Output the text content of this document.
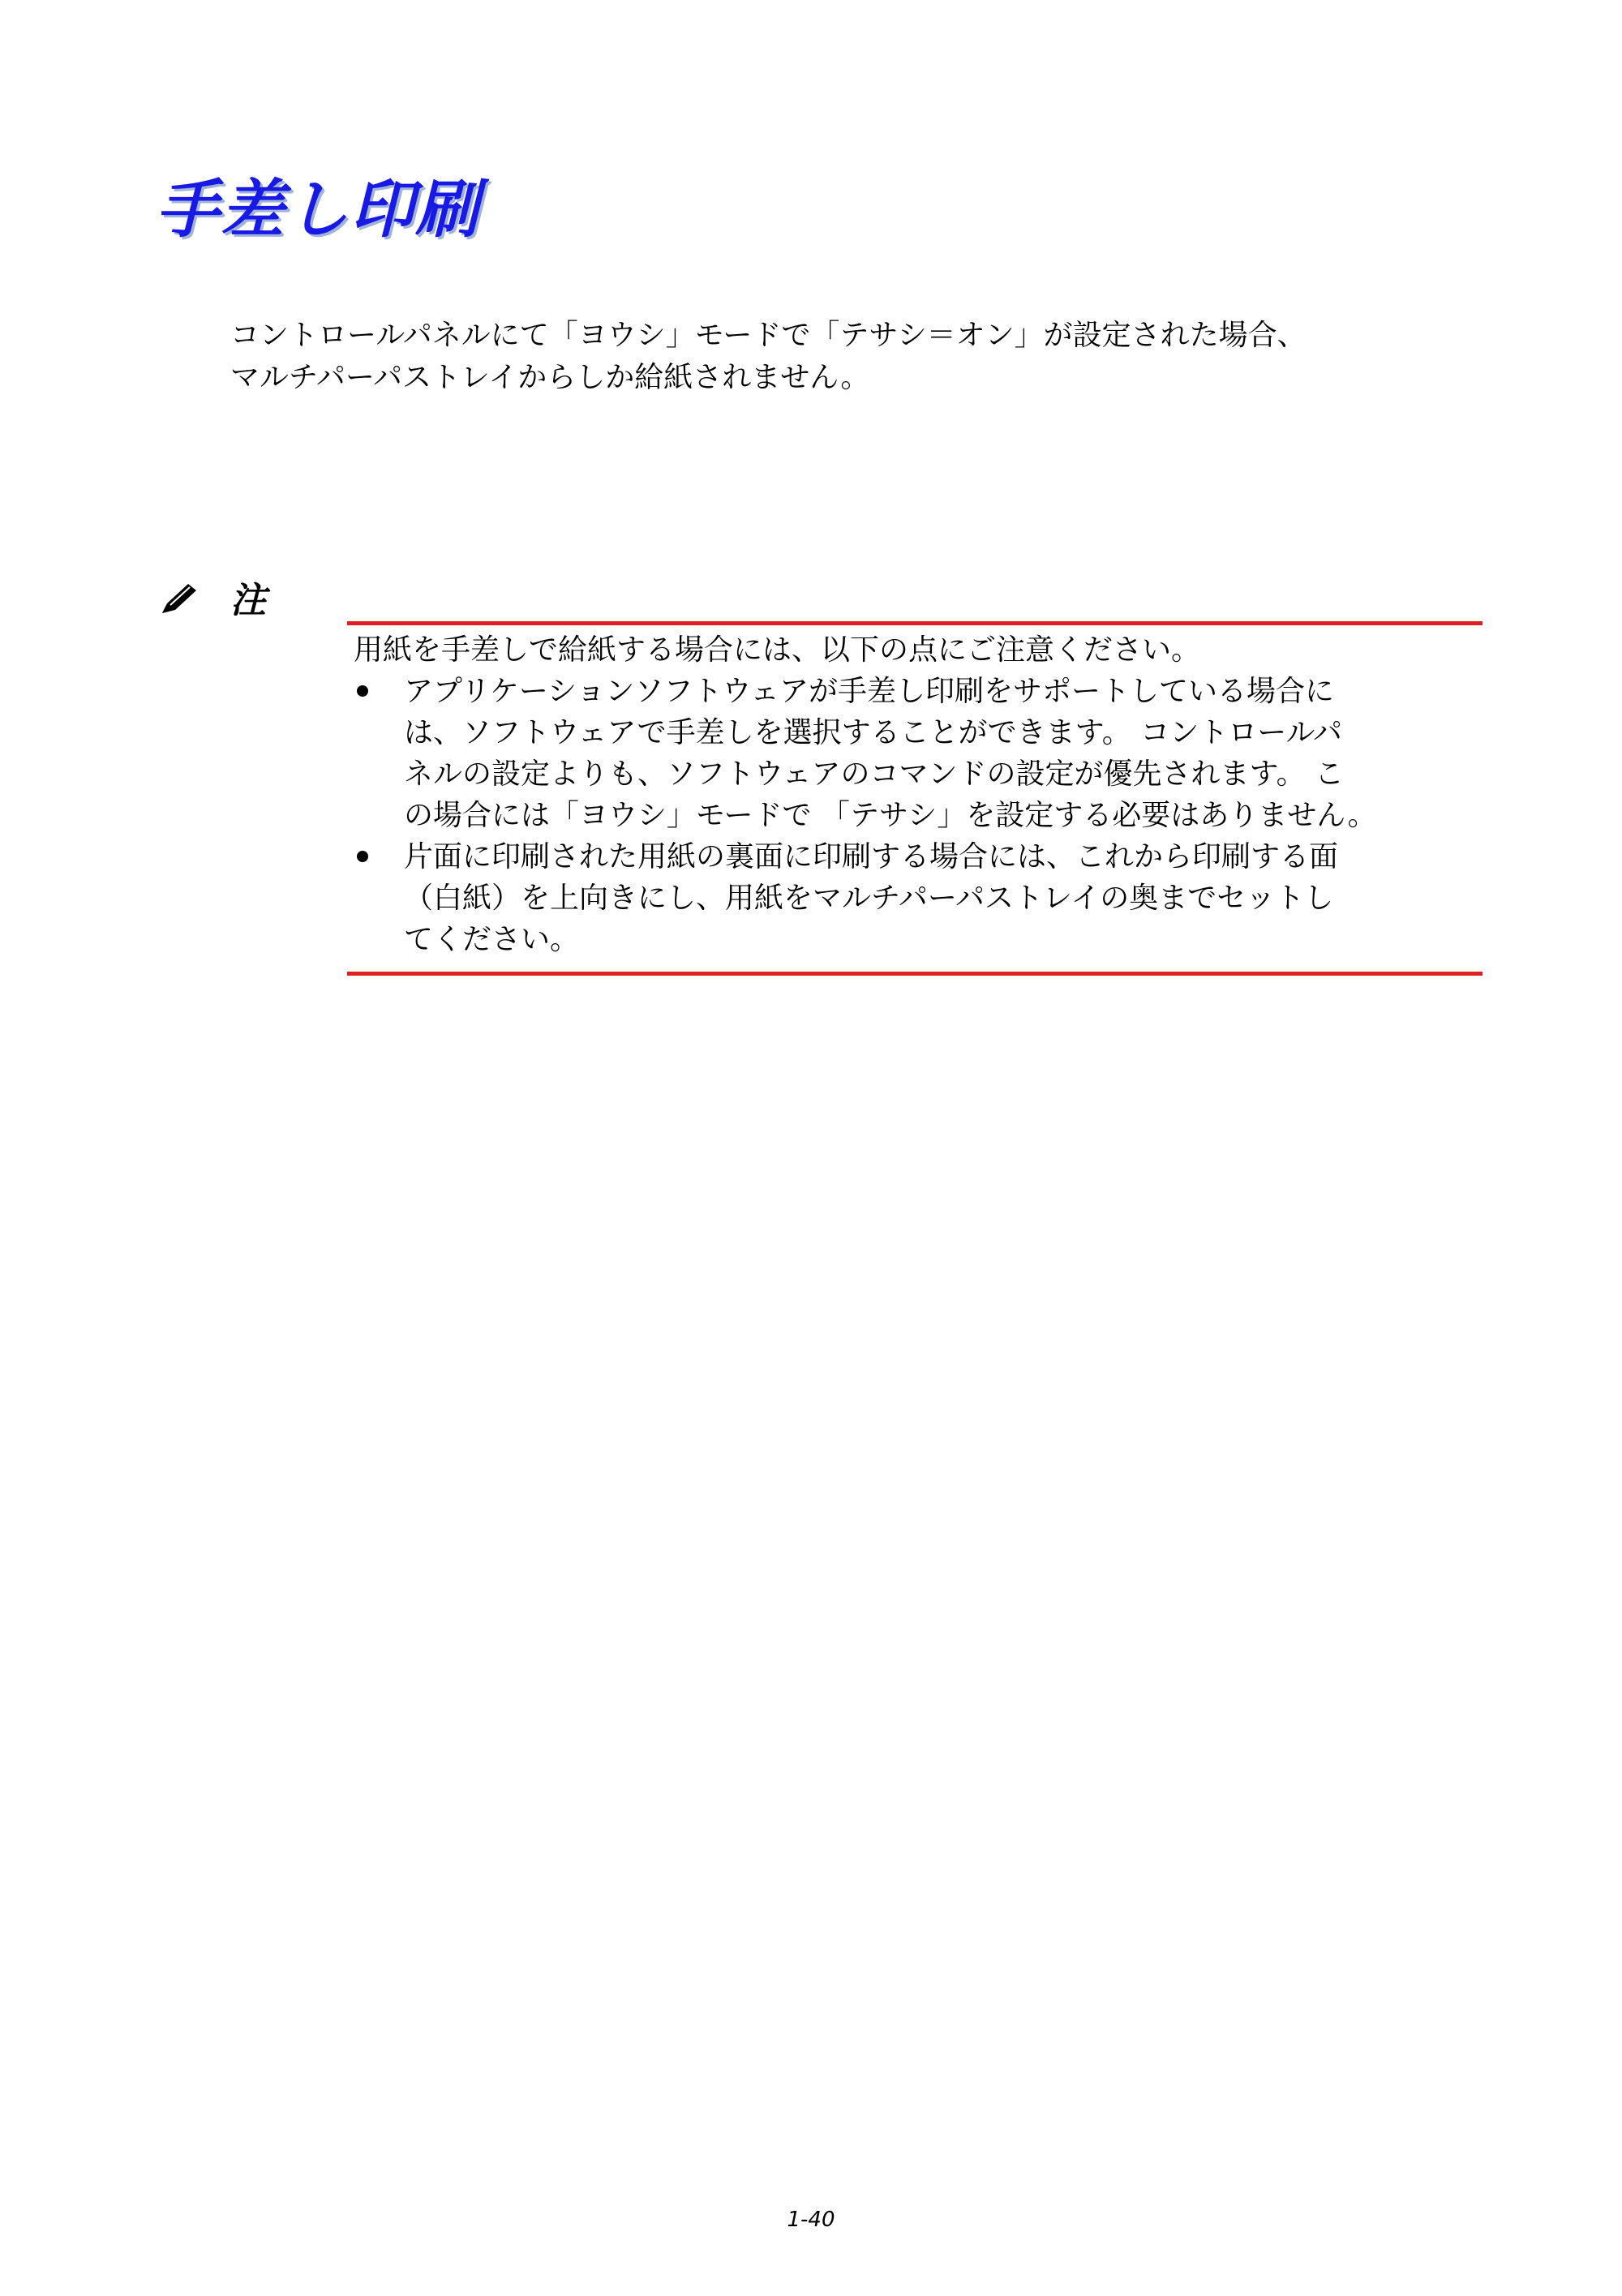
手差し印刷

コントロールパネルにて「ヨウシ」モードで「テサシ＝オン」が設定された場合、

マルチパーパストレイからしか給紙されません。

注

用紙を手差しで給紙する場合には、以下の点にご注意ください。

アプリケーションソフトウェアが手差し印刷をサポートしている場合に
は、ソフトウェアで手差しを選択することができます。 コントロールパ
ネルの設定よりも、ソフトウェアのコマンドの設定が優先されます。 こ
の場合には「ヨウシ」モードで 「テサシ」を設定する必要はありません。
片面に印刷された用紙の裏面に印刷する場合には、これから印刷する面
（白紙）を上向きにし、用紙をマルチパーパストレイの奥までセットし
てください。
1-40
